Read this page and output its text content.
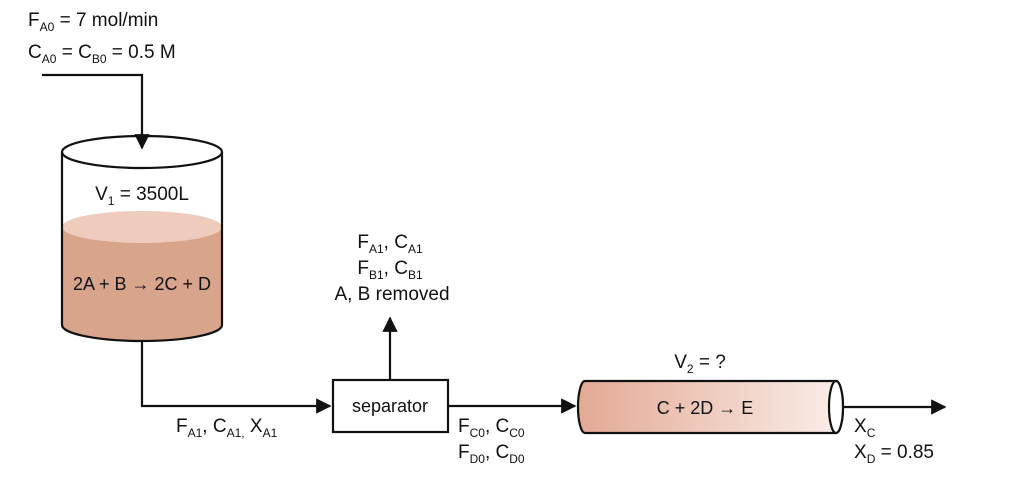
$F_{A0} = 7$ mol/min
$C_{A0} = C_{B0} = 0.5$ M
$V_1 = 3500L$
2A + B → 2C + D
$F_{A1}$, $C_{A1,}$ $X_{A1}$
separator
$F_{A1}$, $C_{A1}$
$F_{B1}$, $C_{B1}$
A, B removed
$F_{C0}$, $C_{C0}$
$F_{D0}$, $C_{D0}$
$V_2$ = ?
C + 2D → E
$X_C$
$X_D = 0.85$
